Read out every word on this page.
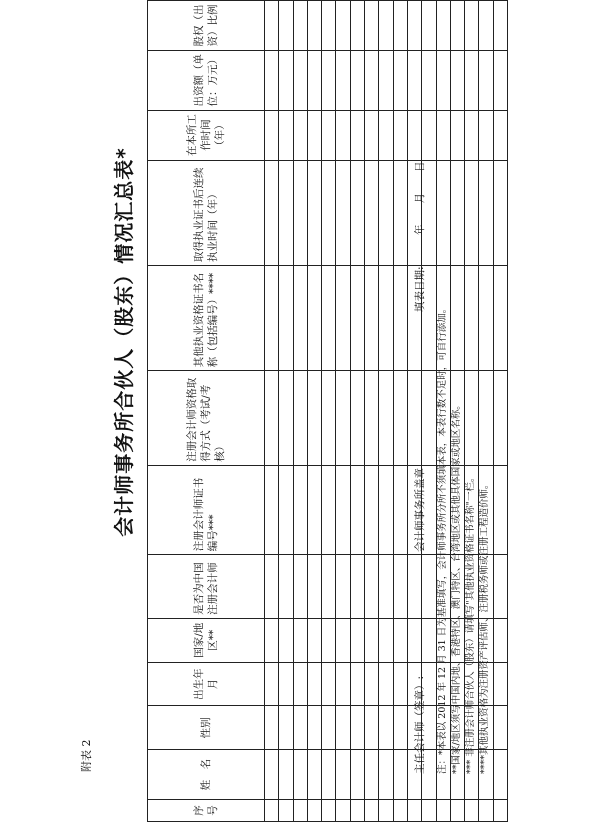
附表 2
会计师事务所合伙人（股东）情况汇总表*
序号	姓　名	性别	出生年月	国家/地区**	是否为中国注册会计师	注册会计师证书编号***	注册会计师资格取得方式（考试/考核）	其他执业资格证书名称（包括编号）****	取得执业证书后连续执业时间（年）	在本所工作时间（年）	出资额（单位：万元）	股权（出资）比例

主任会计师（签章）:
会计师事务所盖章
填表日期:　　　年　　月　　日
注：*本表以 2012 年 12 月 31 日为基准填写，会计师事务所分所不须填本表，本表行数不足时，可自行添加。 **国家/地区须写中国内地、香港特区、澳门特区、台湾地区或其他具体国家或地区名称。 *** 非注册会计师合伙人（股东）请填写"其他执业资格证书名称"一栏。 ****其他执业资格为注册资产评估师、注册税务师或注册工程造价师。
